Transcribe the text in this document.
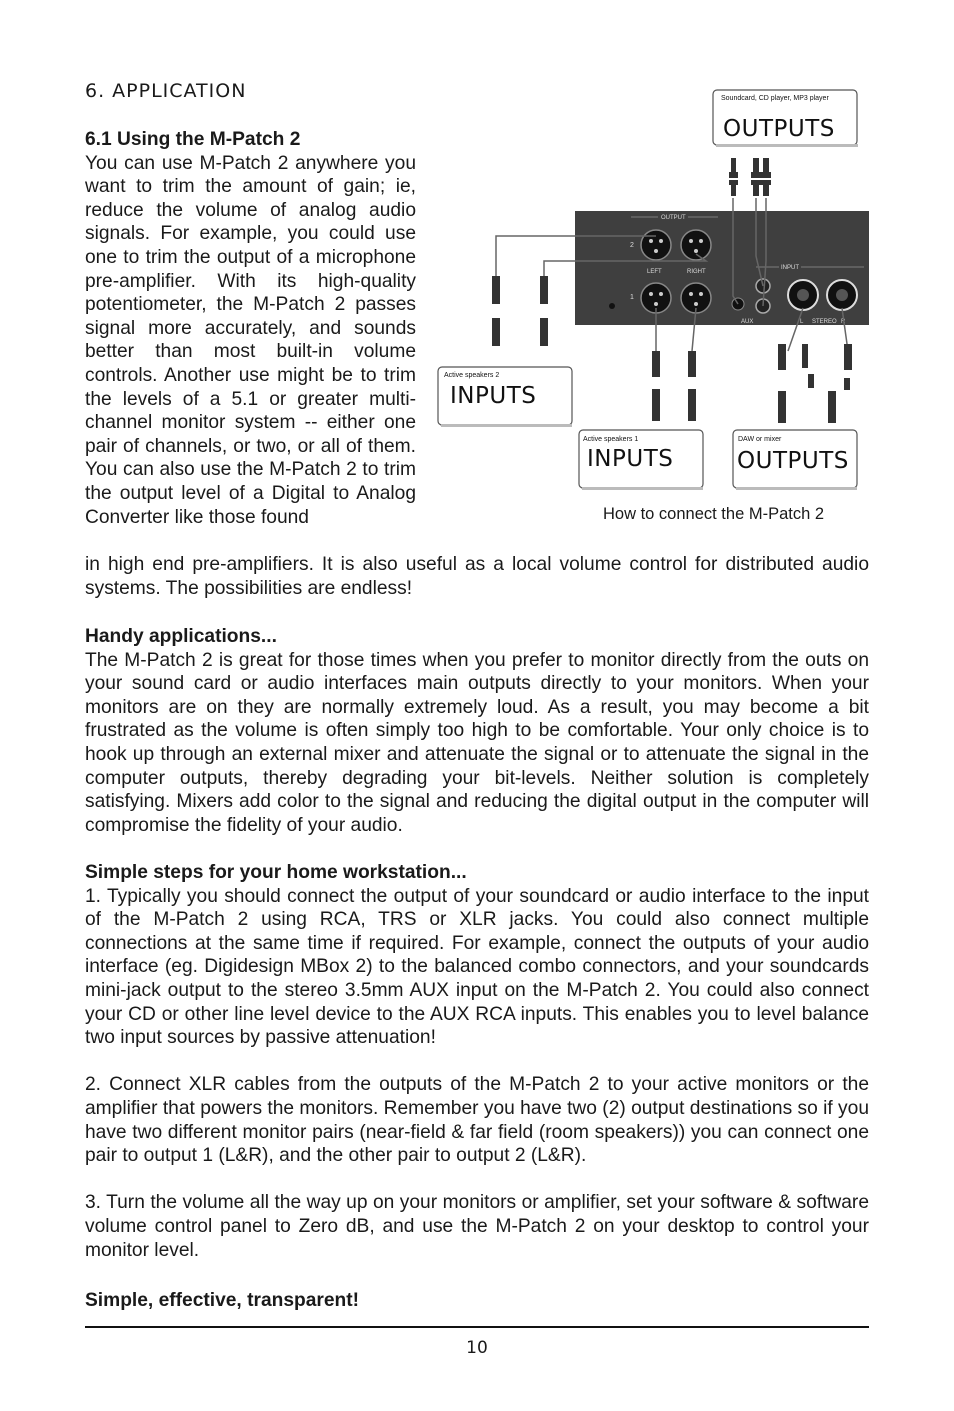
6. APPLICATION

6.1 Using the M-Patch 2

You can use M-Patch 2 anywhere you want to trim the amount of gain; ie, reduce the volume of analog audio signals. For example, you could use one to trim the output of a microphone pre-amplifier. With its high-quality potentiometer, the M-Patch 2 passes signal more accurately, and sounds better than most built-in volume controls. Another use might be to trim the levels of a 5.1 or greater multi-channel monitor system -- either one pair of channels, or two, or all of them. You can also use the M-Patch 2 to trim the output level of a Digital to Analog Converter like those found

in high end pre-amplifiers. It is also useful as a local volume control for distributed audio systems. The possibilities are endless!

Handy applications...

The M-Patch 2 is great for those times when you prefer to monitor directly from the outs on your sound card or audio interfaces main outputs directly to your monitors. When your monitors are on they are normally extremely loud. As a result, you may become a bit frustrated as the volume is often simply too high to be comfortable. Your only choice is to hook up through an external mixer and attenuate the signal or to attenuate the signal in the computer outputs, thereby degrading your bit-levels. Neither solution is completely satisfying. Mixers add color to the signal and reducing the digital output in the computer will compromise the fidelity of your audio.

Simple steps for your home workstation...

1. Typically you should connect the output of your soundcard or audio interface to the input of the M-Patch 2 using RCA, TRS or XLR jacks. You could also connect multiple connections at the same time if required. For example, connect the outputs of your audio interface (eg. Digidesign MBox 2) to the balanced combo connectors, and your soundcards mini-jack output to the stereo 3.5mm AUX input on the M-Patch 2. You could also connect your CD or other line level device to the AUX RCA inputs. This enables you to level balance two input sources by passive attenuation!

2. Connect XLR cables from the outputs of the M-Patch 2 to your active monitors or the amplifier that powers the monitors. Remember you have two (2) output destinations so if you have two different monitor pairs (near-field & far field (room speakers)) you can connect one pair to output 1 (L&R), and the other pair to output 2 (L&R).

3. Turn the volume all the way up on your monitors or amplifier, set your software & software volume control panel to Zero dB, and use the M-Patch 2 on your desktop to control your monitor level.

Simple, effective, transparent!
Soundcard, CD player, MP3 player
OUTPUTS
OUTPUT
2
1
LEFT	RIGHT
INPUT
AUX	L STEREO R
Active speakers 2
INPUTS
Active speakers 1
INPUTS
DAW or mixer
OUTPUTS
How to connect the M-Patch 2
10
